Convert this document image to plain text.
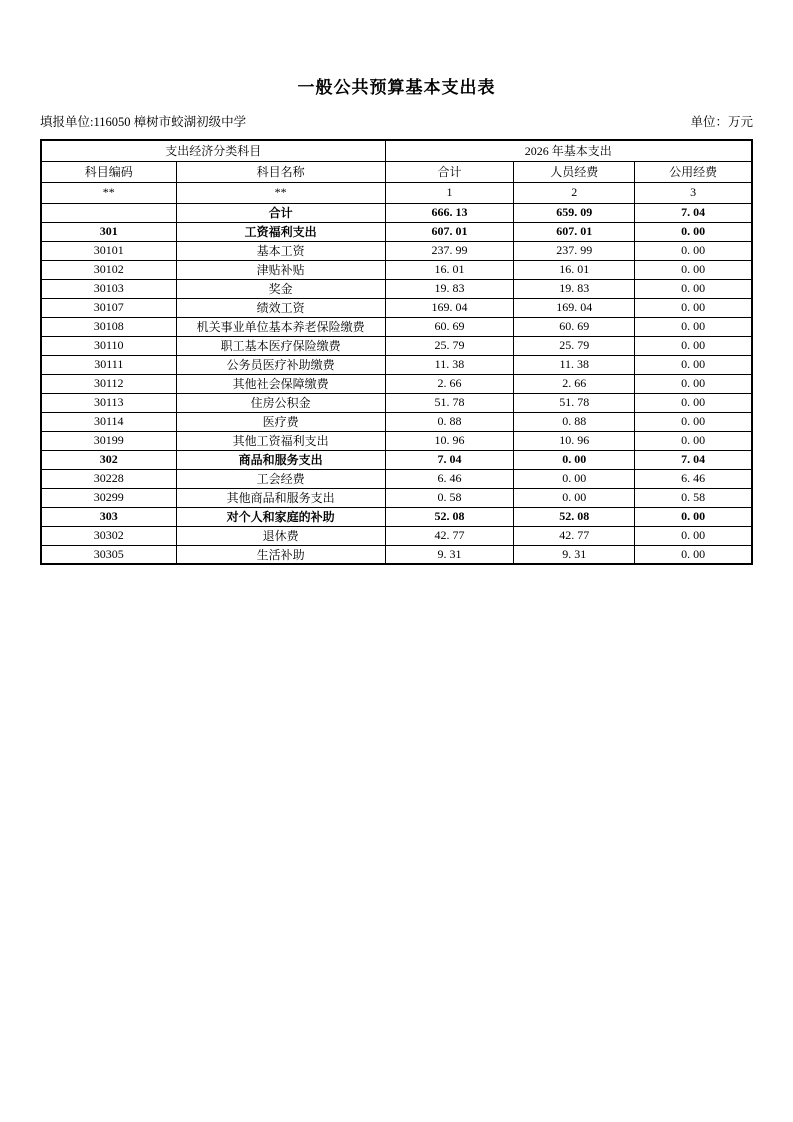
一般公共预算基本支出表
填报单位:116050 樟树市蛟湖初级中学	单位：万元
支出经济分类科目		2026 年基本支出		
科目编码	科目名称	合计	人员经费	公用经费
**	**	1	2	3
	合计	666. 13	659. 09	7. 04
301	工资福利支出	607. 01	607. 01	0. 00
30101	基本工资	237. 99	237. 99	0. 00
30102	津贴补贴	16. 01	16. 01	0. 00
30103	奖金	19. 83	19. 83	0. 00
30107	绩效工资	169. 04	169. 04	0. 00
30108	机关事业单位基本养老保险缴费	60. 69	60. 69	0. 00
30110	职工基本医疗保险缴费	25. 79	25. 79	0. 00
30111	公务员医疗补助缴费	11. 38	11. 38	0. 00
30112	其他社会保障缴费	2. 66	2. 66	0. 00
30113	住房公积金	51. 78	51. 78	0. 00
30114	医疗费	0. 88	0. 88	0. 00
30199	其他工资福利支出	10. 96	10. 96	0. 00
302	商品和服务支出	7. 04	0. 00	7. 04
30228	工会经费	6. 46	0. 00	6. 46
30299	其他商品和服务支出	0. 58	0. 00	0. 58
303	对个人和家庭的补助	52. 08	52. 08	0. 00
30302	退休费	42. 77	42. 77	0. 00
30305	生活补助	9. 31	9. 31	0. 00
